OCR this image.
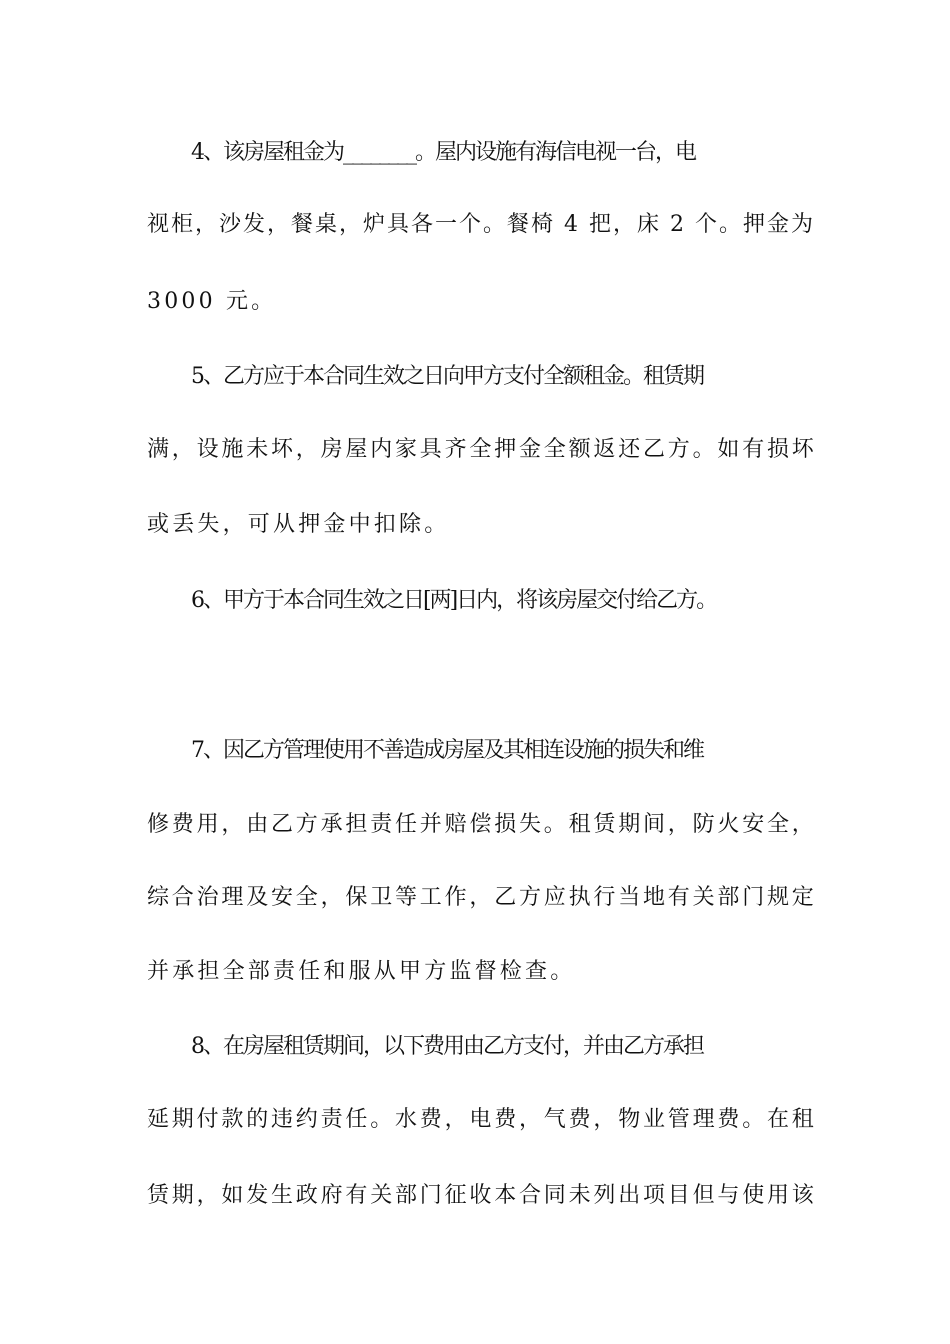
4、该房屋租金为________。屋内设施有海信电视一台，电
视柜，沙发，餐桌，炉具各一个。餐椅 4 把，床 2 个。押金为
3000 元。
5、乙方应于本合同生效之日向甲方支付全额租金。租赁期
满，设施未坏，房屋内家具齐全押金全额返还乙方。如有损坏
或丢失，可从押金中扣除。
6、甲方于本合同生效之日[两]日内，将该房屋交付给乙方。
7、因乙方管理使用不善造成房屋及其相连设施的损失和维
修费用，由乙方承担责任并赔偿损失。租赁期间，防火安全，
综合治理及安全，保卫等工作，乙方应执行当地有关部门规定
并承担全部责任和服从甲方监督检查。
8、在房屋租赁期间，以下费用由乙方支付，并由乙方承担
延期付款的违约责任。水费，电费，气费，物业管理费。在租
赁期，如发生政府有关部门征收本合同未列出项目但与使用该
